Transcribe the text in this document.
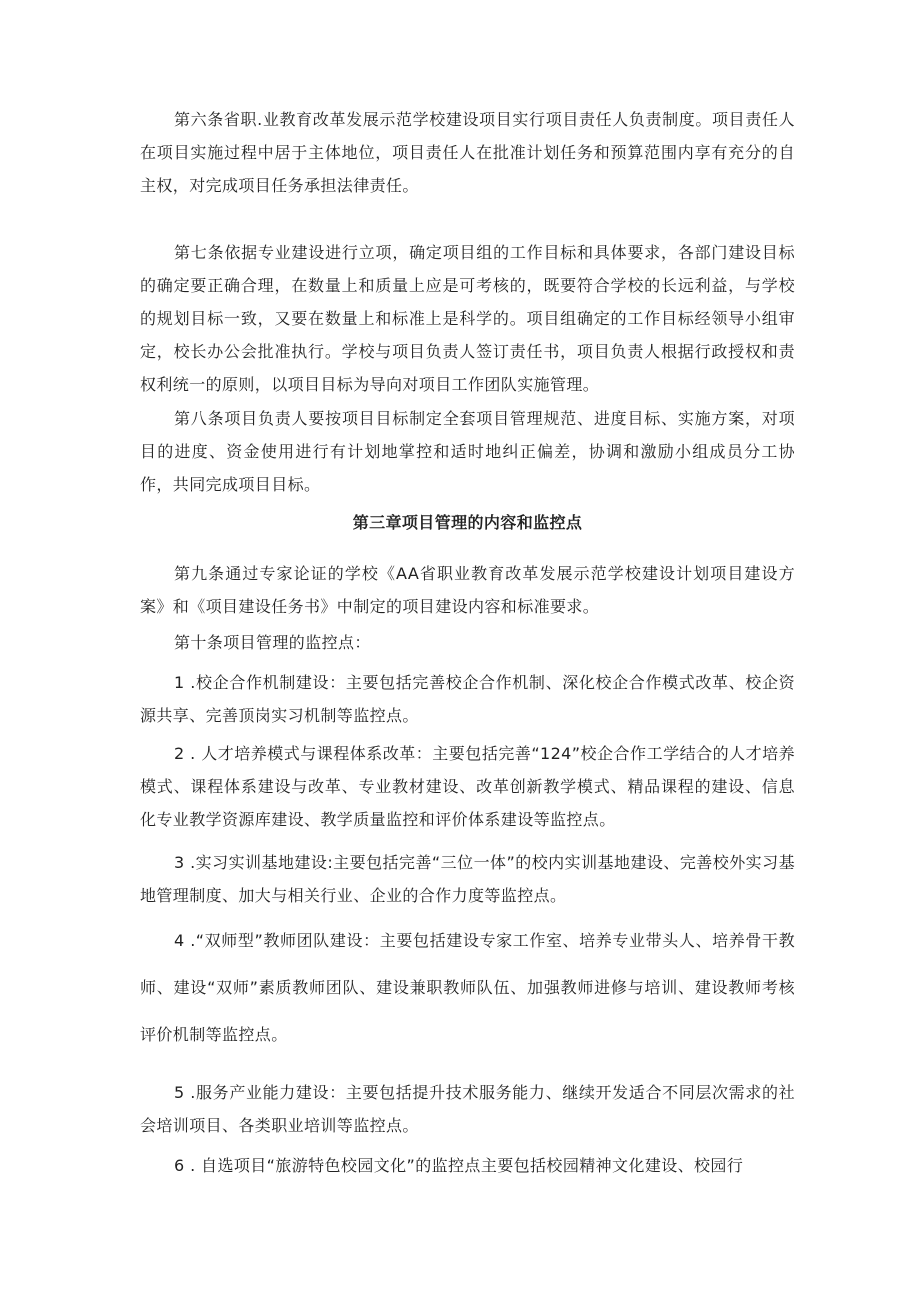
第六条省职.业教育改革发展示范学校建设项目实行项目责任人负责制度。项目责任人在项目实施过程中居于主体地位，项目责任人在批准计划任务和预算范围内享有充分的自主权，对完成项目任务承担法律责任。

第七条依据专业建设进行立项，确定项目组的工作目标和具体要求，各部门建设目标的确定要正确合理，在数量上和质量上应是可考核的，既要符合学校的长远利益，与学校的规划目标一致，又要在数量上和标准上是科学的。项目组确定的工作目标经领导小组审定，校长办公会批准执行。学校与项目负责人签订责任书，项目负责人根据行政授权和责权利统一的原则，以项目目标为导向对项目工作团队实施管理。

第八条项目负责人要按项目目标制定全套项目管理规范、进度目标、实施方案，对项目的进度、资金使用进行有计划地掌控和适时地纠正偏差，协调和激励小组成员分工协作，共同完成项目目标。

第三章项目管理的内容和监控点

第九条通过专家论证的学校《AA省职业教育改革发展示范学校建设计划项目建设方案》和《项目建设任务书》中制定的项目建设内容和标准要求。

第十条项目管理的监控点：

1 .校企合作机制建设：主要包括完善校企合作机制、深化校企合作模式改革、校企资源共享、完善顶岗实习机制等监控点。

2 . 人才培养模式与课程体系改革：主要包括完善“124”校企合作工学结合的人才培养模式、课程体系建设与改革、专业教材建设、改革创新教学模式、精品课程的建设、信息化专业教学资源库建设、教学质量监控和评价体系建设等监控点。

3 .实习实训基地建设:主要包括完善“三位一体”的校内实训基地建设、完善校外实习基地管理制度、加大与相关行业、企业的合作力度等监控点。

4 .“双师型”教师团队建设：主要包括建设专家工作室、培养专业带头人、培养骨干教师、建设“双师”素质教师团队、建设兼职教师队伍、加强教师进修与培训、建设教师考核评价机制等监控点。

5 .服务产业能力建设：主要包括提升技术服务能力、继续开发适合不同层次需求的社会培训项目、各类职业培训等监控点。

6 . 自选项目“旅游特色校园文化”的监控点主要包括校园精神文化建设、校园行
